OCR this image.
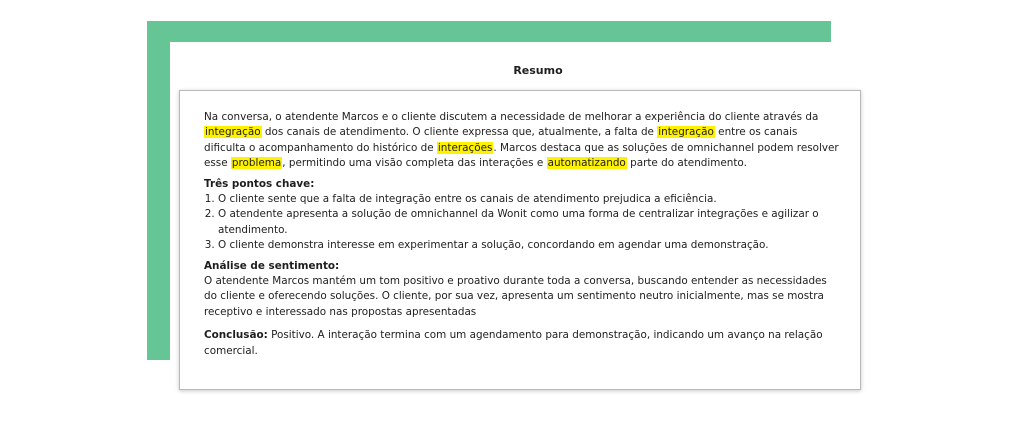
Resumo

Na conversa, o atendente Marcos e o cliente discutem a necessidade de melhorar a experiência do cliente através da integração dos canais de atendimento. O cliente expressa que, atualmente, a falta de integração entre os canais dificulta o acompanhamento do histórico de interações. Marcos destaca que as soluções de omnichannel podem resolver esse problema, permitindo uma visão completa das interações e automatizando parte do atendimento.

Três pontos chave:
1. O cliente sente que a falta de integração entre os canais de atendimento prejudica a eficiência.
2. O atendente apresenta a solução de omnichannel da Wonit como uma forma de centralizar integrações e agilizar o atendimento.
3. O cliente demonstra interesse em experimentar a solução, concordando em agendar uma demonstração.
Análise de sentimento:

O atendente Marcos mantém um tom positivo e proativo durante toda a conversa, buscando entender as necessidades do cliente e oferecendo soluções. O cliente, por sua vez, apresenta um sentimento neutro inicialmente, mas se mostra receptivo e interessado nas propostas apresentadas

Conclusão: Positivo. A interação termina com um agendamento para demonstração, indicando um avanço na relação comercial.
